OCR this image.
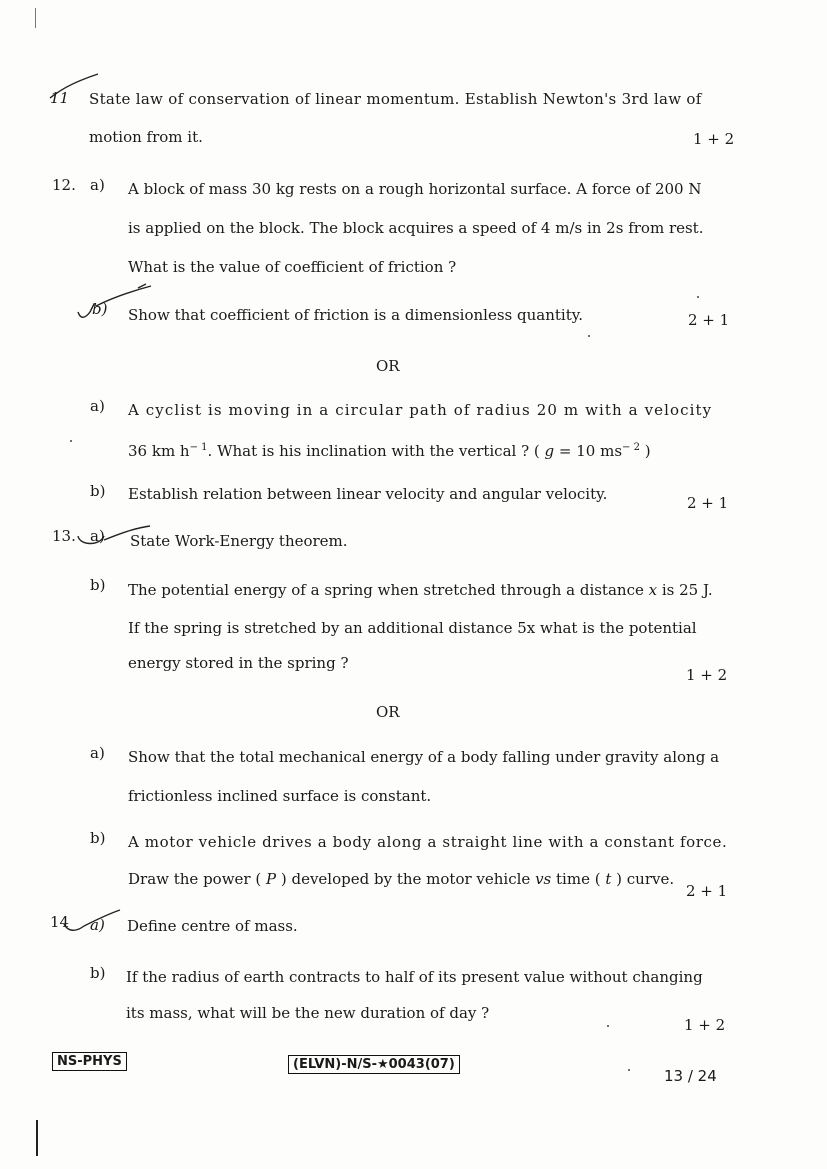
11 State law of conservation of linear momentum. Establish Newton's 3rd law of
motion from it.	1 + 2
12. a) A block of mass 30 kg rests on a rough horizontal surface. A force of 200 N
is applied on the block. The block acquires a speed of 4 m/s in 2s from rest.
What is the value of coefficient of friction ?
b) Show that coefficient of friction is a dimensionless quantity.	2 + 1
OR
a) A cyclist is moving in a circular path of radius 20 m with a velocity
36 km $h^{- 1}$. What is his inclination with the vertical ? ( g = 10 $ms^{- 2}$ )
b) Establish relation between linear velocity and angular velocity.	2 + 1
13. a) State Work-Energy theorem.
b) The potential energy of a spring when stretched through a distance x is 25 J.
If the spring is stretched by an additional distance 5x what is the potential
energy stored in the spring ?
1 + 2
OR
a) Show that the total mechanical energy of a body falling under gravity along a
frictionless inclined surface is constant.
b) A motor vehicle drives a body along a straight line with a constant force.
Draw the power ( P ) developed by the motor vehicle vs time ( t ) curve.
2 + 1
14 a) Define centre of mass.
b) If the radius of earth contracts to half of its present value without changing
its mass, what will be the new duration of day ?
1 + 2
NS-PHYS	(ELVN)-N/S-★0043(07)
13 / 24
